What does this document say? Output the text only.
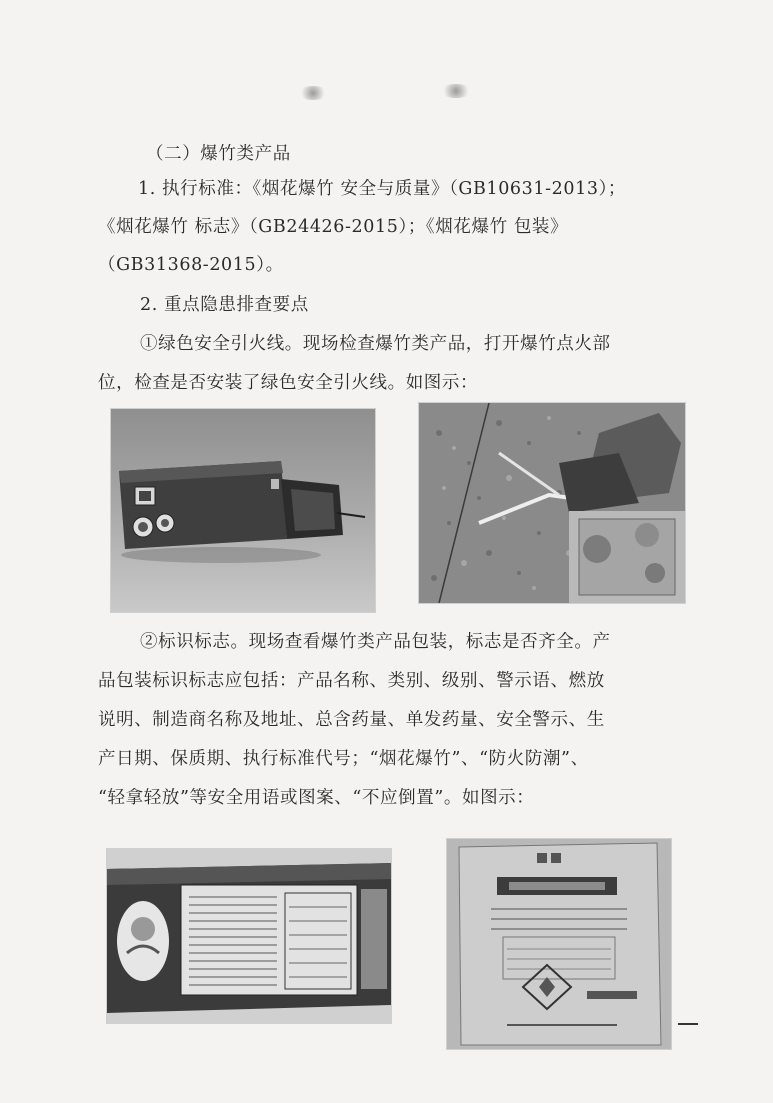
（二）爆竹类产品
1. 执行标准：《烟花爆竹 安全与质量》（GB10631-2013）；
《烟花爆竹 标志》（GB24426-2015）；《烟花爆竹 包装》
（GB31368-2015）。
2. 重点隐患排查要点
①绿色安全引火线。现场检查爆竹类产品，打开爆竹点火部
位，检查是否安装了绿色安全引火线。如图示：
②标识标志。现场查看爆竹类产品包装，标志是否齐全。产
品包装标识标志应包括：产品名称、类别、级别、警示语、燃放
说明、制造商名称及地址、总含药量、单发药量、安全警示、生
产日期、保质期、执行标准代号；“烟花爆竹”、“防火防潮”、
“轻拿轻放”等安全用语或图案、“不应倒置”。如图示：
